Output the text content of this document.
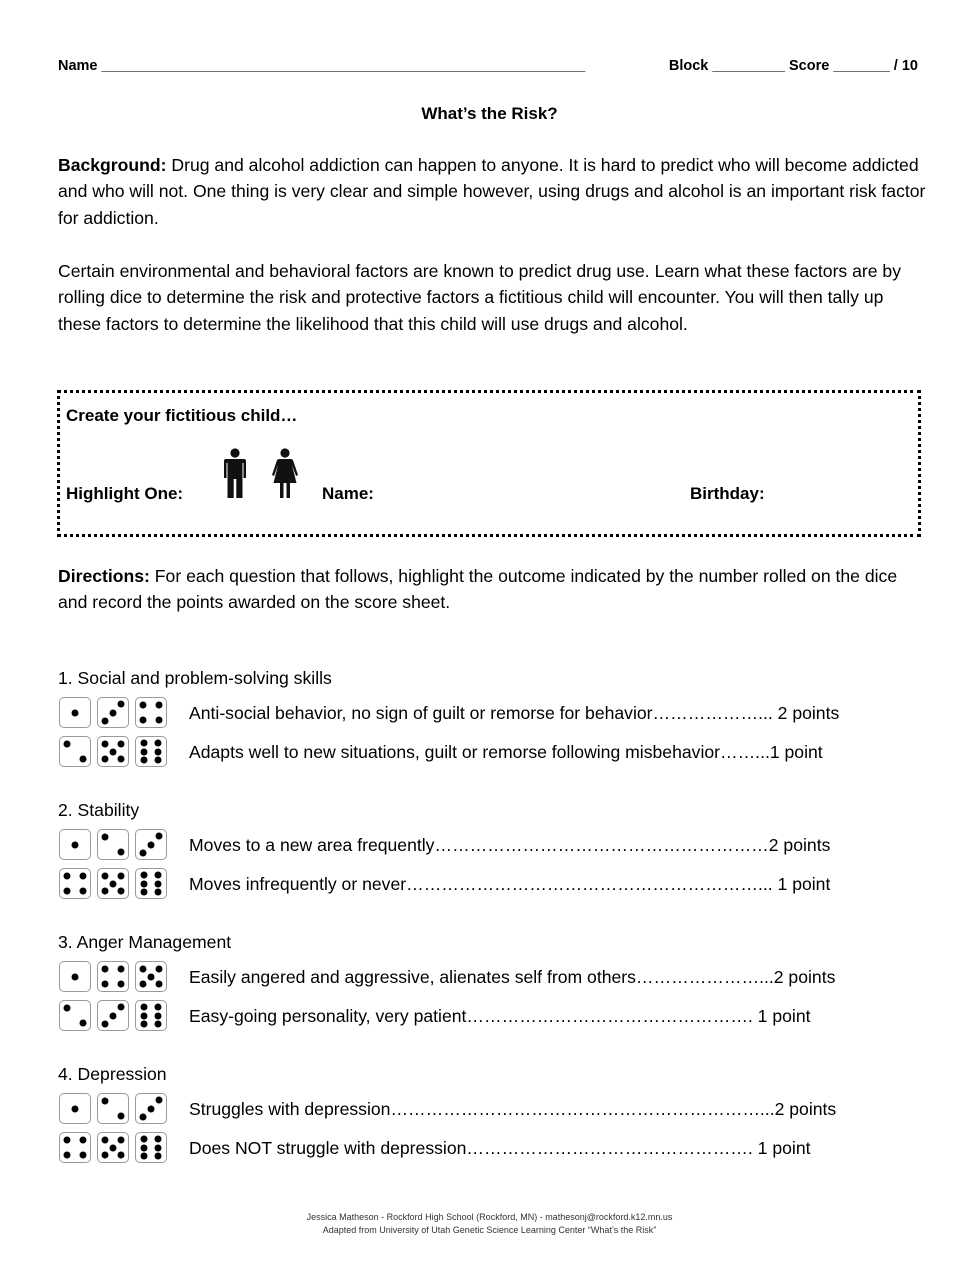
Name ____________________________________________________________	Block _________ Score _______ / 10
What’s the Risk?
Background: Drug and alcohol addiction can happen to anyone. It is hard to predict who will become addicted and who will not. One thing is very clear and simple however, using drugs and alcohol is an important risk factor for addiction.
Certain environmental and behavioral factors are known to predict drug use. Learn what these factors are by rolling dice to determine the risk and protective factors a fictitious child will encounter. You will then tally up these factors to determine the likelihood that this child will use drugs and alcohol.
Create your fictitious child…
Highlight One:	Name:	Birthday:
Directions: For each question that follows, highlight the outcome indicated by the number rolled on the dice and record the points awarded on the score sheet.
1. Social and problem-solving skills
Anti-social behavior, no sign of guilt or remorse for behavior………………... 2 points
Adapts well to new situations, guilt or remorse following misbehavior……...1 point
2. Stability
Moves to a new area frequently…………………………………………………2 points
Moves infrequently or never……………………………………………………... 1 point
3. Anger Management
Easily angered and aggressive, alienates self from others…………………...2 points
Easy-going personality, very patient…………………………………………. 1 point
4. Depression
Struggles with depression………………………………………………………...2 points
Does NOT struggle with depression…………………………………………. 1 point
Jessica Matheson - Rockford High School (Rockford, MN) - mathesonj@rockford.k12.mn.us
Adapted from University of Utah Genetic Science Learning Center “What’s the Risk”
